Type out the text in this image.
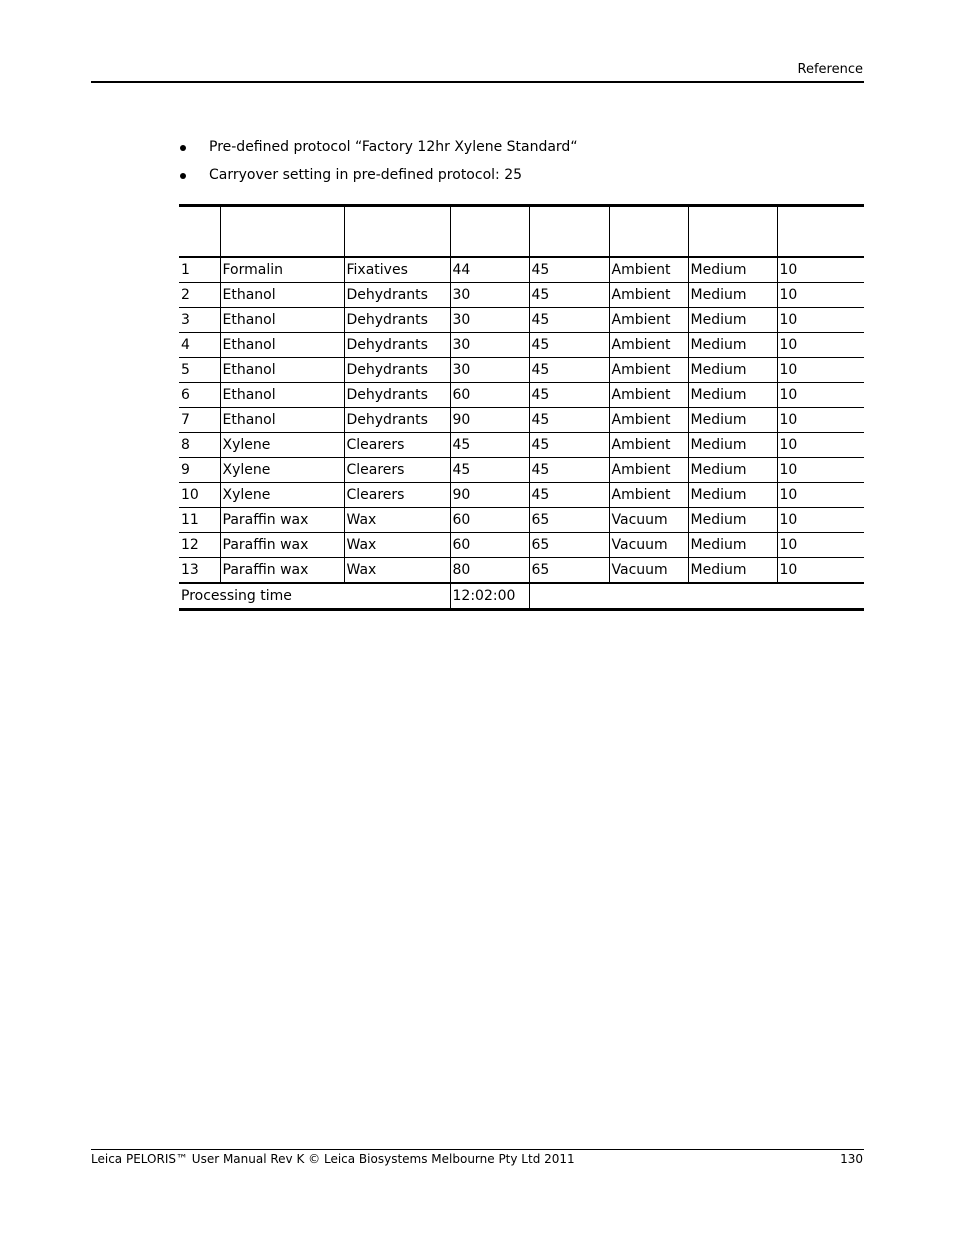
Reference
Pre-defined protocol “Factory 12hr Xylene Standard“
Carryover setting in pre-defined protocol: 25

1	Formalin	Fixatives	44	45	Ambient	Medium	10
2	Ethanol	Dehydrants	30	45	Ambient	Medium	10
3	Ethanol	Dehydrants	30	45	Ambient	Medium	10
4	Ethanol	Dehydrants	30	45	Ambient	Medium	10
5	Ethanol	Dehydrants	30	45	Ambient	Medium	10
6	Ethanol	Dehydrants	60	45	Ambient	Medium	10
7	Ethanol	Dehydrants	90	45	Ambient	Medium	10
8	Xylene	Clearers	45	45	Ambient	Medium	10
9	Xylene	Clearers	45	45	Ambient	Medium	10
10	Xylene	Clearers	90	45	Ambient	Medium	10
11	Paraffin wax	Wax	60	65	Vacuum	Medium	10
12	Paraffin wax	Wax	60	65	Vacuum	Medium	10
13	Paraffin wax	Wax	80	65	Vacuum	Medium	10
Processing time			12:02:00				
Leica PELORIS™ User Manual Rev K © Leica Biosystems Melbourne Pty Ltd 2011	130
